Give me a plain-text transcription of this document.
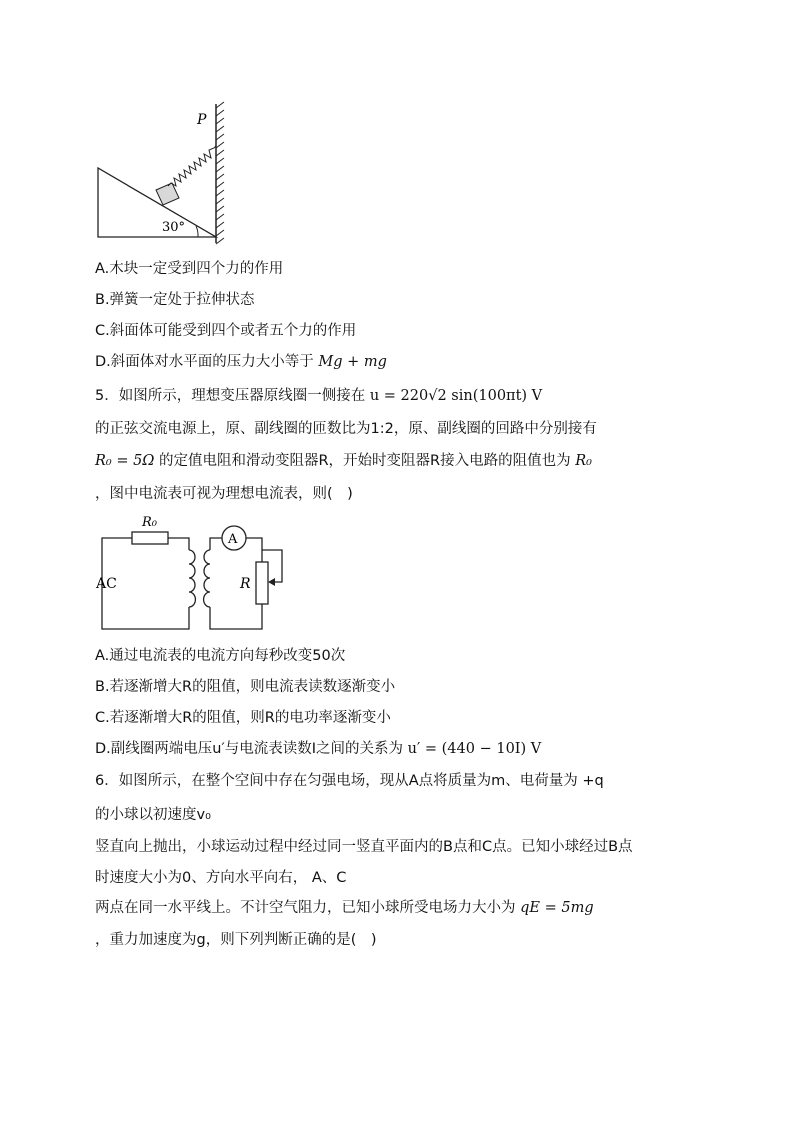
30°
P
A.木块一定受到四个力的作用
B.弹簧一定处于拉伸状态
C.斜面体可能受到四个或者五个力的作用
D.斜面体对水平面的压力大小等于 Mg + mg
5．如图所示，理想变压器原线圈一侧接在 u = 220√2 sin(100πt) V
的正弦交流电源上，原、副线圈的匝数比为1:2，原、副线圈的回路中分别接有
R₀ = 5Ω 的定值电阻和滑动变阻器R，开始时变阻器R接入电路的阻值也为 R₀
，图中电流表可视为理想电流表，则(　)
R₀
AC
A
R
A.通过电流表的电流方向每秒改变50次
B.若逐渐增大R的阻值，则电流表读数逐渐变小
C.若逐渐增大R的阻值，则R的电功率逐渐变小
D.副线圈两端电压u′与电流表读数I之间的关系为 u′ = (440 − 10I) V
6．如图所示，在整个空间中存在匀强电场，现从A点将质量为m、电荷量为 +q
的小球以初速度v₀
竖直向上抛出，小球运动过程中经过同一竖直平面内的B点和C点。已知小球经过B点
时速度大小为0、方向水平向右， A、C
两点在同一水平线上。不计空气阻力，已知小球所受电场力大小为 qE = 5mg
，重力加速度为g，则下列判断正确的是(　)
